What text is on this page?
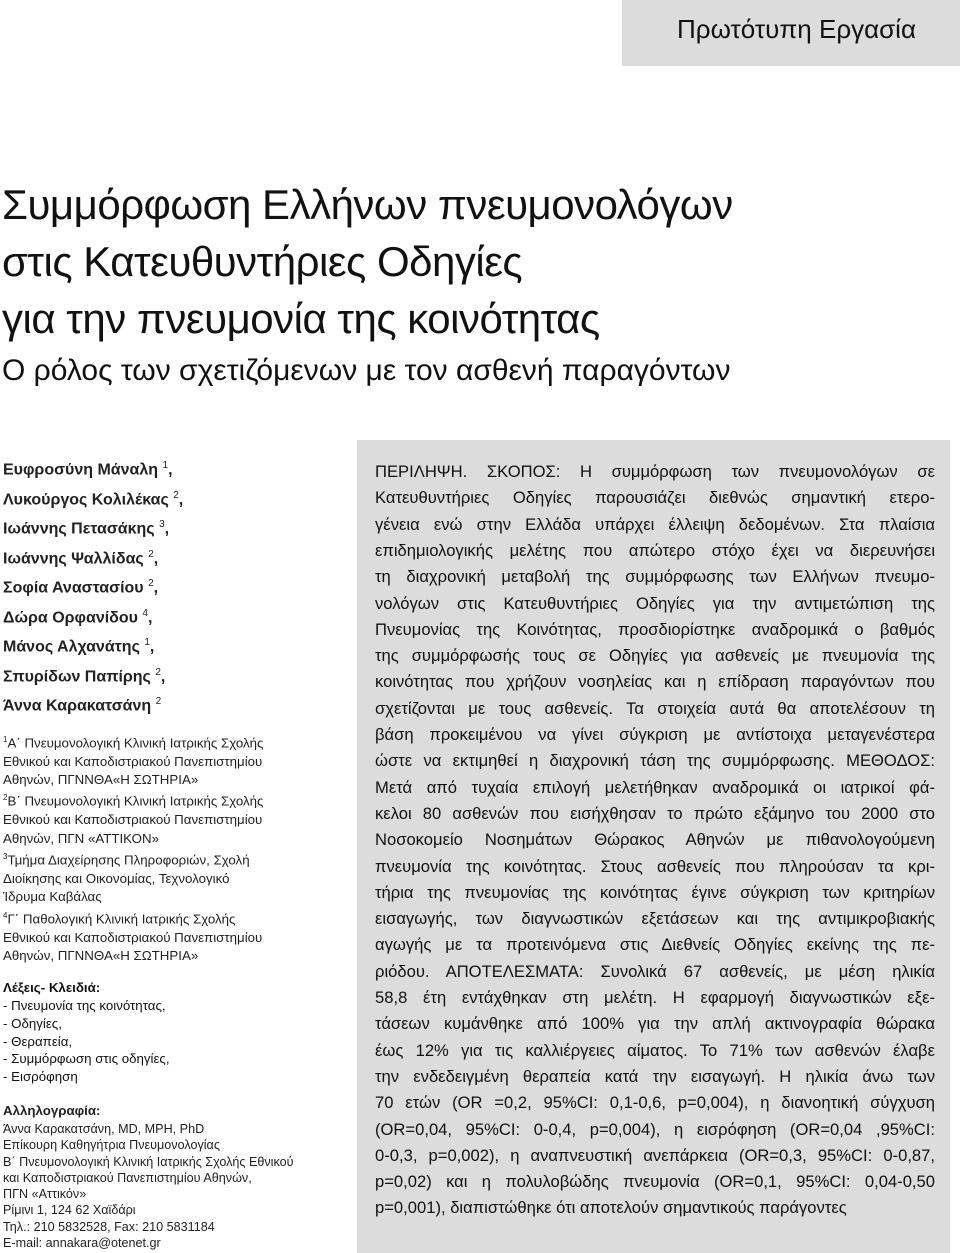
Πρωτότυπη Εργασία
Συμμόρφωση Ελλήνων πνευμονολόγων
στις Κατευθυντήριες Οδηγίες
για την πνευμονία της κοινότητας
Ο ρόλος των σχετιζόμενων με τον ασθενή παραγόντων
Ευφροσύνη Μάναλη $^1$,
Λυκούργος Κολιλέκας $^2$,
Ιωάννης Πετασάκης $^3$,
Ιωάννης Ψαλλίδας $^2$,
Σοφία Αναστασίου $^2$,
Δώρα Ορφανίδου $^4$,
Μάνος Αλχανάτης $^1$,
Σπυρίδων Παπίρης $^2$,
Άννα Καρακατσάνη $^2$
$^1$Α΄ Πνευμονολογική Κλινική Ιατρικής Σχολής
Εθνικού και Καποδιστριακού Πανεπιστημίου
Αθηνών, ΠΓΝΝΘΑ«Η ΣΩΤΗΡΙΑ»
$^2$Β΄ Πνευμονολογική Κλινική Ιατρικής Σχολής
Εθνικού και Καποδιστριακού Πανεπιστημίου
Αθηνών, ΠΓΝ «ΑΤΤΙΚΟΝ»
$^3$Τμήμα Διαχείρησης Πληροφοριών, Σχολή
Διοίκησης και Οικονομίας, Τεχνολογικό
Ίδρυμα Καβάλας
$^4$Γ΄ Παθολογική Κλινική Ιατρικής Σχολής
Εθνικού και Καποδιστριακού Πανεπιστημίου
Αθηνών, ΠΓΝΝΘΑ«Η ΣΩΤΗΡΙΑ»
Λέξεις- Κλειδιά:
- Πνευμονία της κοινότητας,
- Οδηγίες,
- Θεραπεία,
- Συμμόρφωση στις οδηγίες,
- Εισρόφηση
Αλληλογραφία:
Άννα Καρακατσάνη, MD, MPH, PhD
Επίκουρη Καθηγήτρια Πνευμονολογίας
Β΄ Πνευμονολογική Κλινική Ιατρικής Σχολής Εθνικού
και Καποδιστριακού Πανεπιστημίου Αθηνών,
ΠΓΝ «Αττικόν»
Ρίμινι 1, 124 62 Χαϊδάρι
Τηλ.: 210 5832528, Fax: 210 5831184
E-mail: annakara@otenet.gr
ΠΕΡΙΛΗΨΗ. ΣΚΟΠΟΣ: Η συμμόρφωση των πνευμονολόγων σε
Κατευθυντήριες Οδηγίες παρουσιάζει διεθνώς σημαντική ετερο-
γένεια ενώ στην Ελλάδα υπάρχει έλλειψη δεδομένων. Στα πλαίσια
επιδημιολογικής μελέτης που απώτερο στόχο έχει να διερευνήσει
τη διαχρονική μεταβολή της συμμόρφωσης των Ελλήνων πνευμο-
νολόγων στις Κατευθυντήριες Οδηγίες για την αντιμετώπιση της
Πνευμονίας της Κοινότητας, προσδιορίστηκε αναδρομικά ο βαθμός
της συμμόρφωσής τους σε Οδηγίες για ασθενείς με πνευμονία της
κοινότητας που χρήζουν νοσηλείας και η επίδραση παραγόντων που
σχετίζονται με τους ασθενείς. Τα στοιχεία αυτά θα αποτελέσουν τη
βάση προκειμένου να γίνει σύγκριση με αντίστοιχα μεταγενέστερα
ώστε να εκτιμηθεί η διαχρονική τάση της συμμόρφωσης. ΜΕΘΟΔΟΣ:
Μετά από τυχαία επιλογή μελετήθηκαν αναδρομικά οι ιατρικοί φά-
κελοι 80 ασθενών που εισήχθησαν το πρώτο εξάμηνο του 2000 στο
Νοσοκομείο Νοσημάτων Θώρακος Αθηνών με πιθανολογούμενη
πνευμονία της κοινότητας. Στους ασθενείς που πληρούσαν τα κρι-
τήρια της πνευμονίας της κοινότητας έγινε σύγκριση των κριτηρίων
εισαγωγής, των διαγνωστικών εξετάσεων και της αντιμικροβιακής
αγωγής με τα προτεινόμενα στις Διεθνείς Οδηγίες εκείνης της πε-
ριόδου. ΑΠΟΤΕΛΕΣΜΑΤΑ: Συνολικά 67 ασθενείς, με μέση ηλικία
58,8 έτη εντάχθηκαν στη μελέτη. Η εφαρμογή διαγνωστικών εξε-
τάσεων κυμάνθηκε από 100% για την απλή ακτινογραφία θώρακα
έως 12% για τις καλλιέργειες αίματος. Το 71% των ασθενών έλαβε
την ενδεδειγμένη θεραπεία κατά την εισαγωγή. Η ηλικία άνω των
70 ετών (OR =0,2, 95%CI: 0,1-0,6, p=0,004), η διανοητική σύγχυση
(OR=0,04, 95%CI: 0-0,4, p=0,004), η εισρόφηση (OR=0,04 ,95%CI:
0-0,3, p=0,002), η αναπνευστική ανεπάρκεια (OR=0,3, 95%CI: 0-0,87,
p=0,02) και η πολυλοβώδης πνευμονία (OR=0,1, 95%CI: 0,04-0,50
p=0,001), διαπιστώθηκε ότι αποτελούν σημαντικούς παράγοντες
